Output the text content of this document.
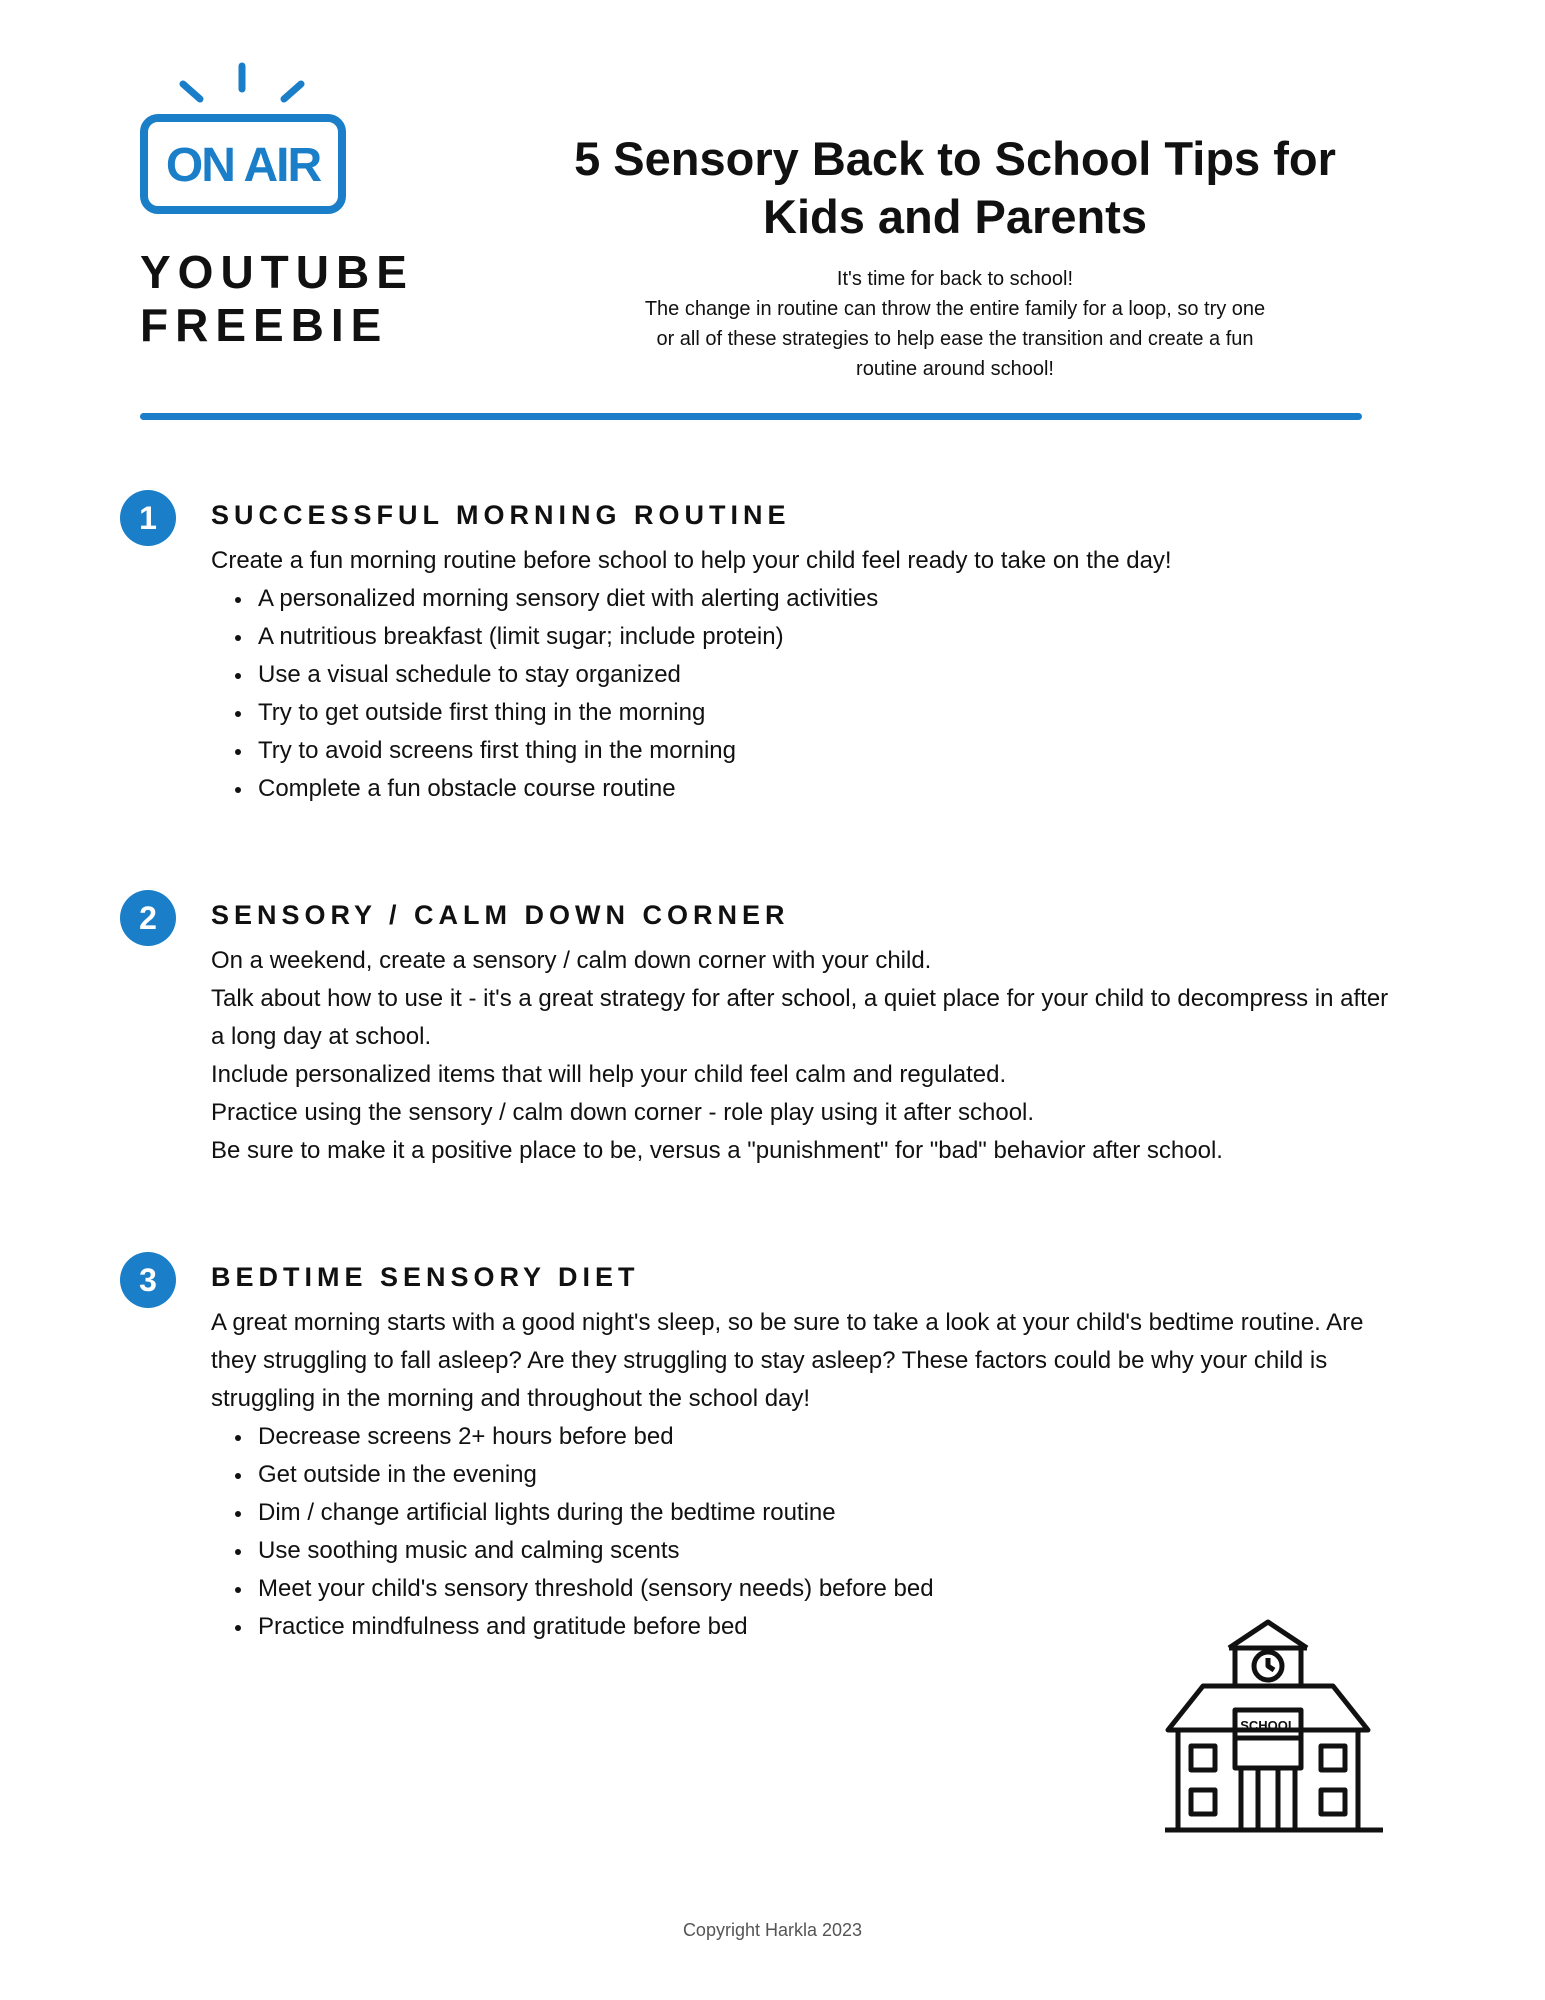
ON AIR
YOUTUBE
FREEBIE
5 Sensory Back to School Tips for
Kids and Parents
It's time for back to school!
The change in routine can throw the entire family for a loop, so try one
or all of these strategies to help ease the transition and create a fun
routine around school!
1	SUCCESSFUL MORNING ROUTINE

Create a fun morning routine before school to help your child feel ready to take on the day!

A personalized morning sensory diet with alerting activities
A nutritious breakfast (limit sugar; include protein)
Use a visual schedule to stay organized
Try to get outside first thing in the morning
Try to avoid screens first thing in the morning
Complete a fun obstacle course routine
2	SENSORY / CALM DOWN CORNER

On a weekend, create a sensory / calm down corner with your child.

Talk about how to use it - it's a great strategy for after school, a quiet place for your child to decompress in after

a long day at school.

Include personalized items that will help your child feel calm and regulated.

Practice using the sensory / calm down corner - role play using it after school.

Be sure to make it a positive place to be, versus a "punishment" for "bad" behavior after school.

3	BEDTIME SENSORY DIET

A great morning starts with a good night's sleep, so be sure to take a look at your child's bedtime routine. Are

they struggling to fall asleep? Are they struggling to stay asleep? These factors could be why your child is

struggling in the morning and throughout the school day!

Decrease screens 2+ hours before bed
Get outside in the evening
Dim / change artificial lights during the bedtime routine
Use soothing music and calming scents
Meet your child's sensory threshold (sensory needs) before bed
Practice mindfulness and gratitude before bed
SCHOOL
Copyright Harkla 2023
